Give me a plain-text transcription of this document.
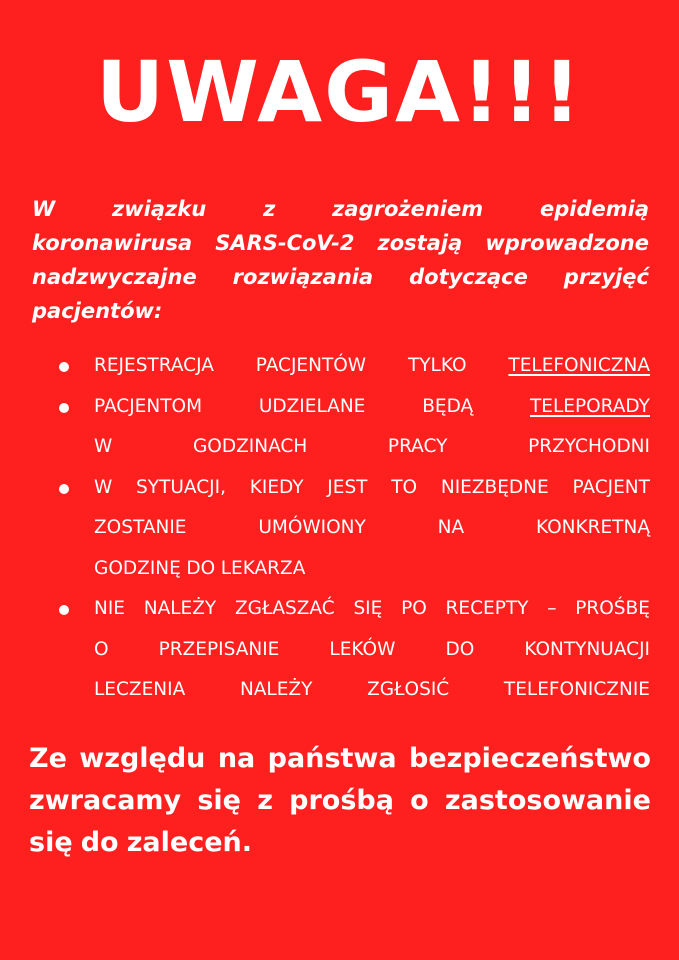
UWAGA!!!
W	związku	z	zagrożeniem	epidemią
koronawirusa SARS-CoV-2 zostają wprowadzone
nadzwyczajne rozwiązania dotyczące przyjęć
pacjentów:
REJESTRACJA PACJENTÓW TYLKO TELEFONICZNA
PACJENTOM	UDZIELANE	BĘDĄ	TELEPORADY
W	GODZINACH	PRACY	PRZYCHODNI
W SYTUACJI, KIEDY JEST TO NIEZBĘDNE PACJENT
ZOSTANIE	UMÓWIONY	NA	KONKRETNĄ
GODZINĘ DO LEKARZA
NIE NALEŻY ZGŁASZAĆ SIĘ PO RECEPTY – PROŚBĘ
O	PRZEPISANIE	LEKÓW	DO	KONTYNUACJI
LECZENIA	NALEŻY	ZGŁOSIĆ	TELEFONICZNIE
Ze względu na państwa bezpieczeństwo
zwracamy się z prośbą o zastosowanie
się do zaleceń.
